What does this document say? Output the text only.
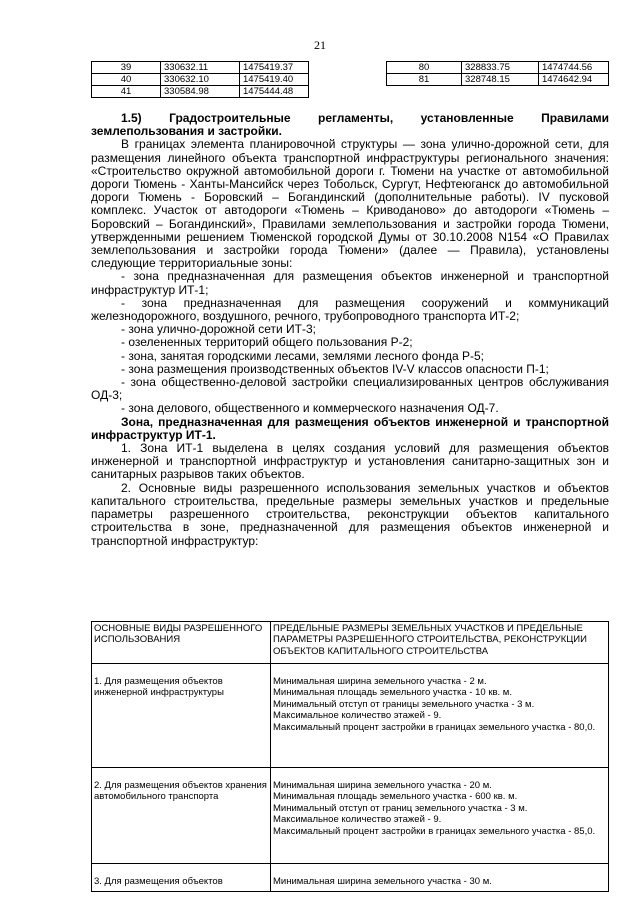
21
39	330632.11	1475419.37
40	330632.10	1475419.40
41	330584.98	1475444.48
80	328833.75	1474744.56
81	328748.15	1474642.94

1.5) Градостроительные регламенты, установленные Правилами землепользования и застройки.

В границах элемента планировочной структуры — зона улично-дорожной сети, для размещения линейного объекта транспортной инфраструктуры регионального значения: «Строительство окружной автомобильной дороги г. Тюмени на участке от автомобильной дороги Тюмень - Ханты-Мансийск через Тобольск, Сургут, Нефтеюганск до автомобильной дороги Тюмень - Боровский – Богандинский (дополнительные работы). IV пусковой комплекс. Участок от автодороги «Тюмень – Криводаново» до автодороги «Тюмень – Боровский – Богандинский», Правилами землепользования и застройки города Тюмени, утвержденными решением Тюменской городской Думы от 30.10.2008 N154 «О Правилах землепользования и застройки города Тюмени» (далее — Правила), установлены следующие территориальные зоны:

- зона предназначенная для размещения объектов инженерной и транспортной инфраструктур ИТ-1;

- зона предназначенная для размещения сооружений и коммуникаций железнодорожного, воздушного, речного, трубопроводного транспорта ИТ-2;

- зона улично-дорожной сети ИТ-3;

- озелененных территорий общего пользования Р-2;

- зона, занятая городскими лесами, землями лесного фонда Р-5;

- зона размещения производственных объектов IV-V классов опасности П-1;

- зона общественно-деловой застройки специализированных центров обслуживания ОД-3;

- зона делового, общественного и коммерческого назначения ОД-7.

Зона, предназначенная для размещения объектов инженерной и транспортной инфраструктур ИТ-1.

1. Зона ИТ-1 выделена в целях создания условий для размещения объектов инженерной и транспортной инфраструктур и установления санитарно-защитных зон и санитарных разрывов таких объектов.

2. Основные виды разрешенного использования земельных участков и объектов капитального строительства, предельные размеры земельных участков и предельные параметры разрешенного строительства, реконструкции объектов капитального строительства в зоне, предназначенной для размещения объектов инженерной и транспортной инфраструктур:

ОСНОВНЫЕ ВИДЫ РАЗРЕШЕННОГО ИСПОЛЬЗОВАНИЯ	ПРЕДЕЛЬНЫЕ РАЗМЕРЫ ЗЕМЕЛЬНЫХ УЧАСТКОВ И ПРЕДЕЛЬНЫЕ ПАРАМЕТРЫ РАЗРЕШЕННОГО СТРОИТЕЛЬСТВА, РЕКОНСТРУКЦИИ ОБЪЕКТОВ КАПИТАЛЬНОГО СТРОИТЕЛЬСТВА

1. Для размещения объектов инженерной инфраструктуры	Минимальная ширина земельного участка - 2 м.
Минимальная площадь земельного участка - 10 кв. м.
Минимальный отступ от границы земельного участка - 3 м.
Максимальное количество этажей - 9.
Максимальный процент застройки в границах земельного участка - 80,0.

2. Для размещения объектов хранения автомобильного транспорта	Минимальная ширина земельного участка - 20 м.
Минимальная площадь земельного участка - 600 кв. м.
Минимальный отступ от границ земельного участка - 3 м.
Максимальное количество этажей - 9.
Максимальный процент застройки в границах земельного участка - 85,0.

3. Для размещения объектов	Минимальная ширина земельного участка - 30 м.
